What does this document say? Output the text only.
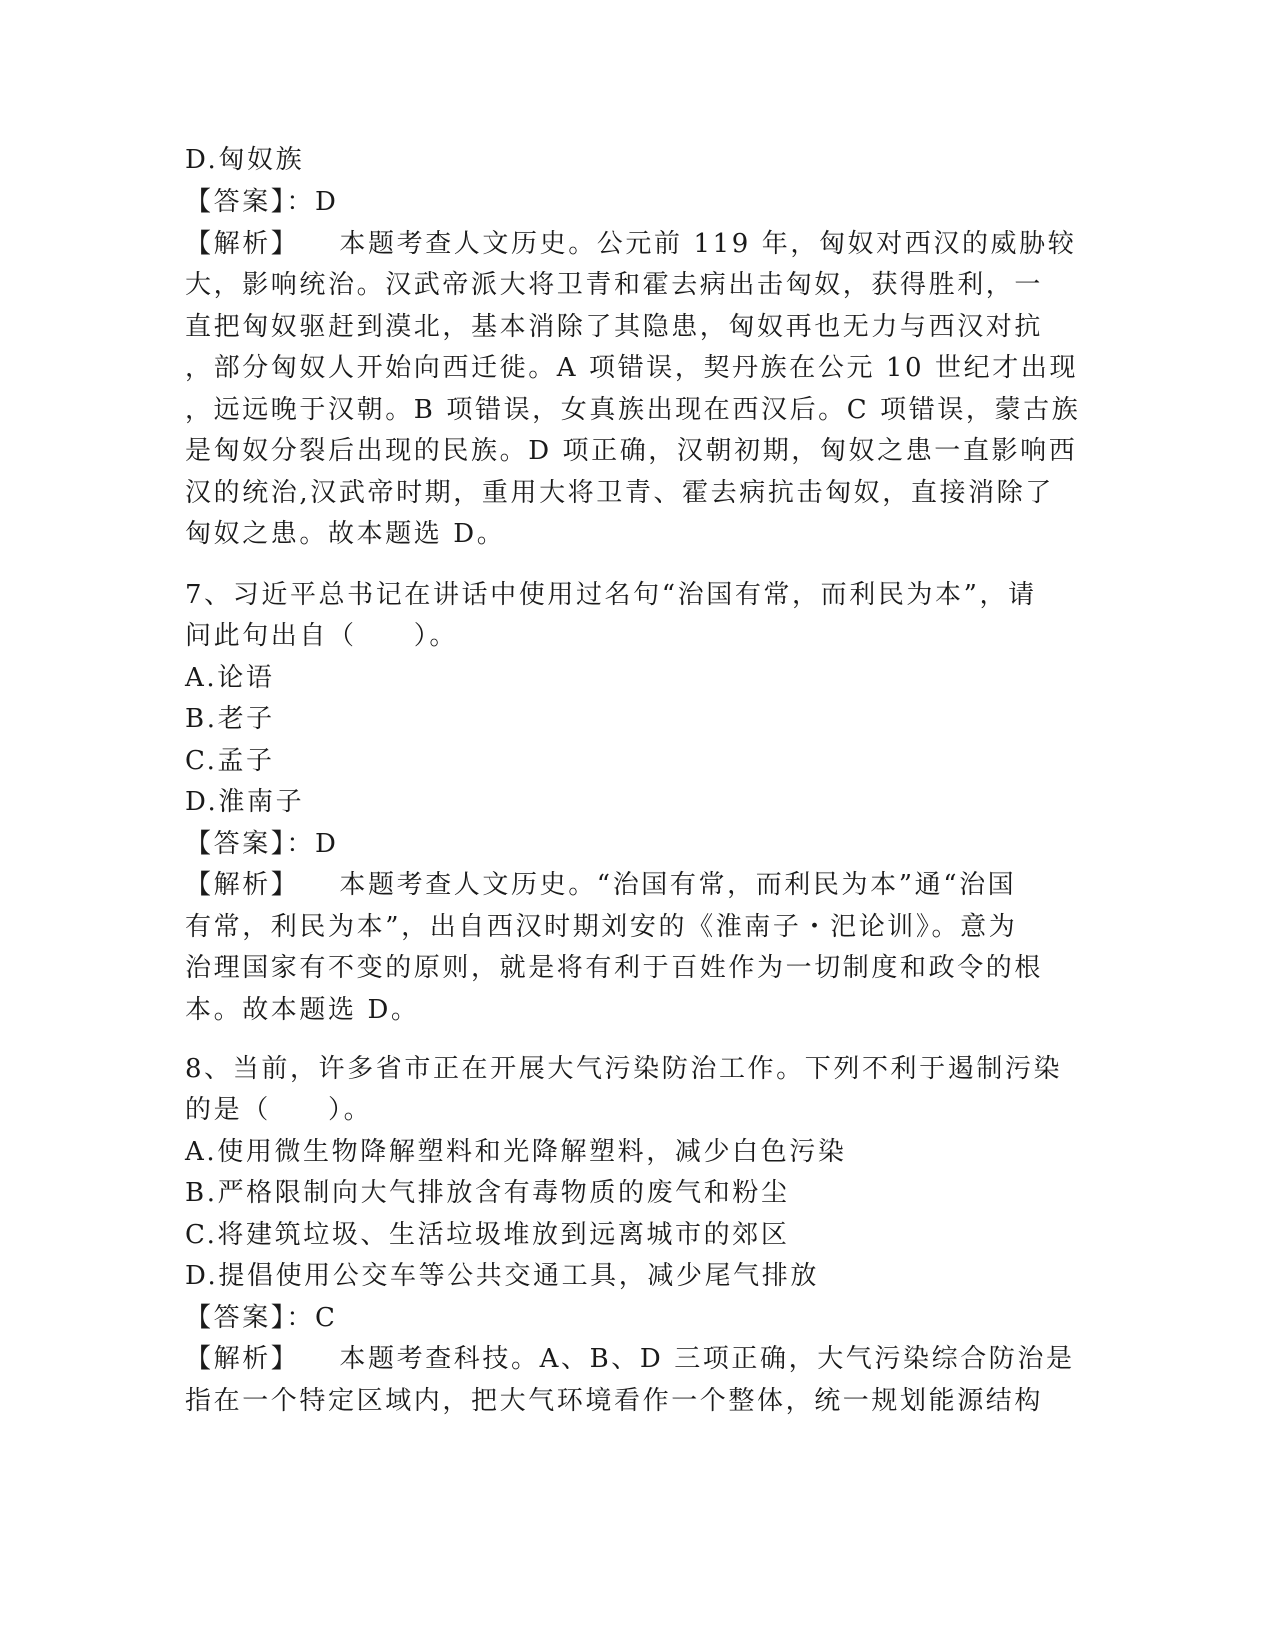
D.匈奴族

【答案】：D

【解析】 本题考查人文历史。公元前 119 年，匈奴对西汉的威胁较

大，影响统治。汉武帝派大将卫青和霍去病出击匈奴，获得胜利，一

直把匈奴驱赶到漠北，基本消除了其隐患，匈奴再也无力与西汉对抗

，部分匈奴人开始向西迁徙。A 项错误，契丹族在公元 10 世纪才出现

，远远晚于汉朝。B 项错误，女真族出现在西汉后。C 项错误，蒙古族

是匈奴分裂后出现的民族。D 项正确，汉朝初期，匈奴之患一直影响西

汉的统治,汉武帝时期，重用大将卫青、霍去病抗击匈奴，直接消除了

匈奴之患。故本题选 D。

7、习近平总书记在讲话中使用过名句“治国有常，而利民为本”，请

问此句出自（　　）。

A.论语

B.老子

C.孟子

D.淮南子

【答案】：D

【解析】 本题考查人文历史。“治国有常，而利民为本”通“治国

有常，利民为本”，出自西汉时期刘安的《淮南子・汜论训》。意为

治理国家有不变的原则，就是将有利于百姓作为一切制度和政令的根

本。故本题选 D。

8、当前，许多省市正在开展大气污染防治工作。下列不利于遏制污染

的是（　　）。

A.使用微生物降解塑料和光降解塑料，减少白色污染

B.严格限制向大气排放含有毒物质的废气和粉尘

C.将建筑垃圾、生活垃圾堆放到远离城市的郊区

D.提倡使用公交车等公共交通工具，减少尾气排放

【答案】：C

【解析】 本题考查科技。A、B、D 三项正确，大气污染综合防治是

指在一个特定区域内，把大气环境看作一个整体，统一规划能源结构
